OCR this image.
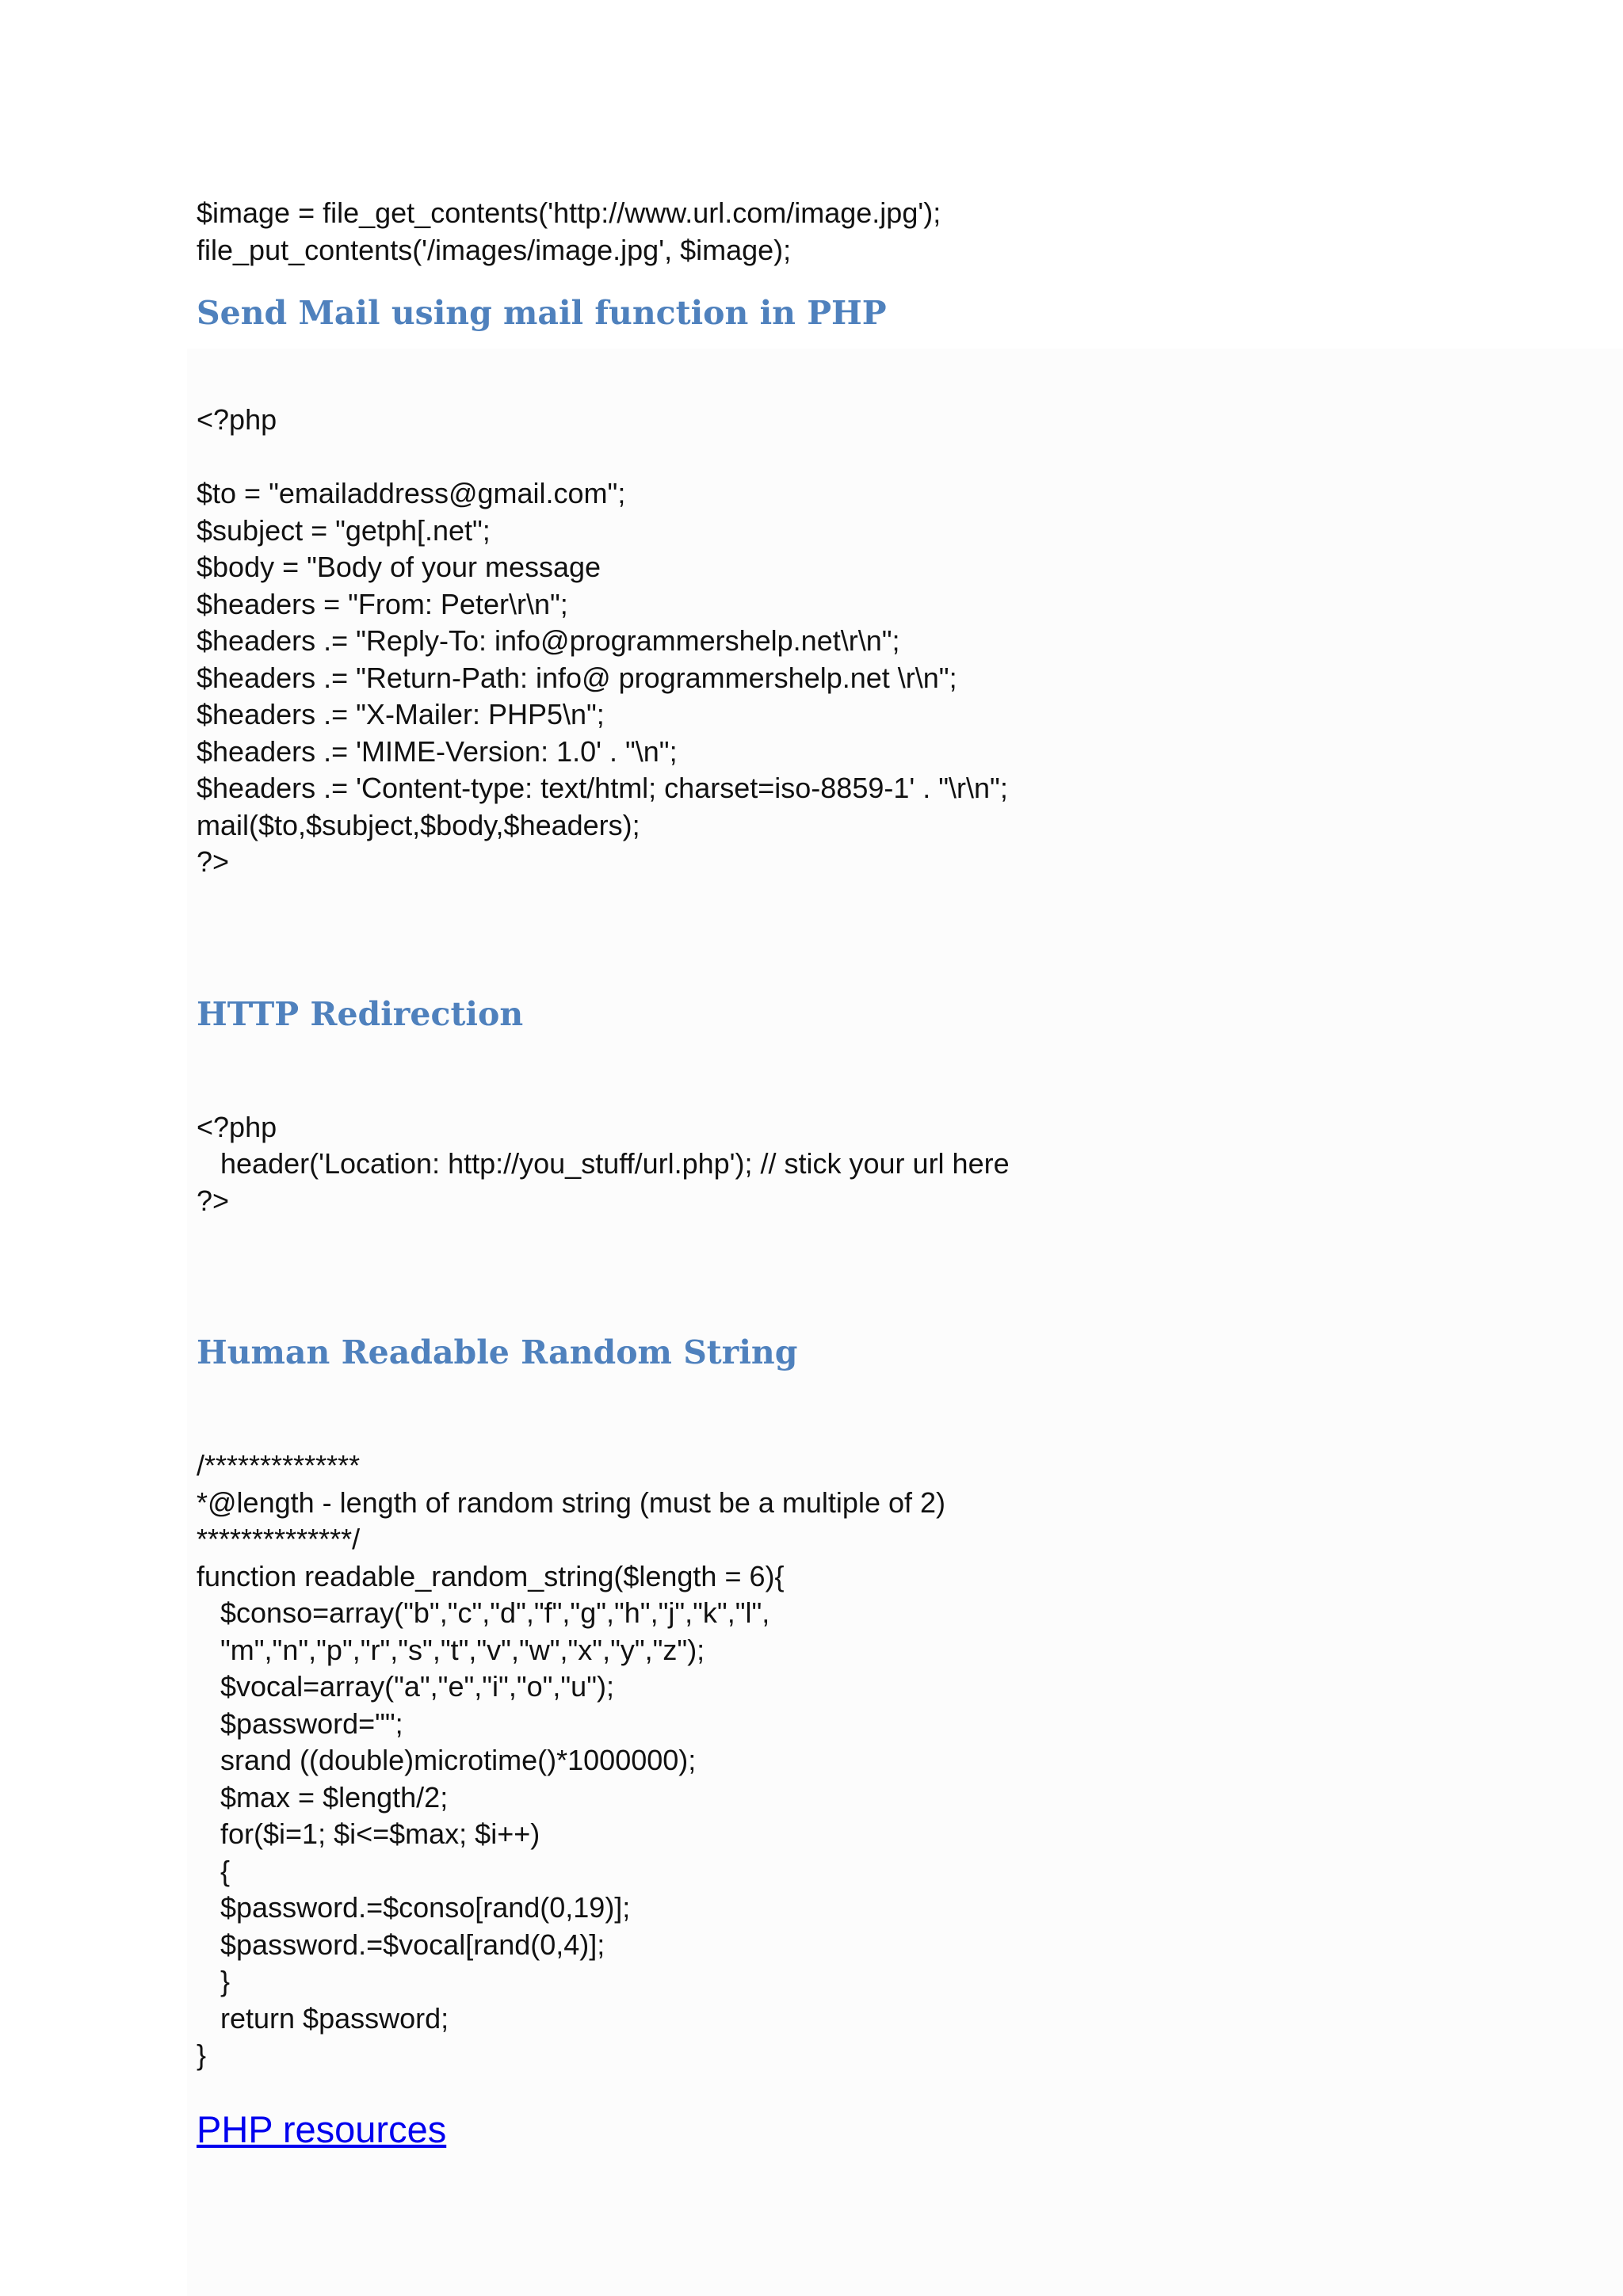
$image = file_get_contents('http://www.url.com/image.jpg');
file_put_contents('/images/image.jpg', $image);
Send Mail using mail function in PHP
<?php

$to = "emailaddress@gmail.com";
$subject = "getph[.net";
$body = "Body of your message
$headers = "From: Peter\r\n";
$headers .= "Reply-To: info@programmershelp.net\r\n";
$headers .= "Return-Path: info@ programmershelp.net \r\n";
$headers .= "X-Mailer: PHP5\n";
$headers .= 'MIME-Version: 1.0' . "\n";
$headers .= 'Content-type: text/html; charset=iso-8859-1' . "\r\n";
mail($to,$subject,$body,$headers);
?>
HTTP Redirection
<?php
header('Location: http://you_stuff/url.php'); // stick your url here
?>
Human Readable Random String
/**************
*@length - length of random string (must be a multiple of 2)
**************/
function readable_random_string($length = 6){
$conso=array("b","c","d","f","g","h","j","k","l",
"m","n","p","r","s","t","v","w","x","y","z");
$vocal=array("a","e","i","o","u");
$password="";
srand ((double)microtime()*1000000);
$max = $length/2;
for($i=1; $i<=$max; $i++)
{
$password.=$conso[rand(0,19)];
$password.=$vocal[rand(0,4)];
}
return $password;
}
PHP resources
